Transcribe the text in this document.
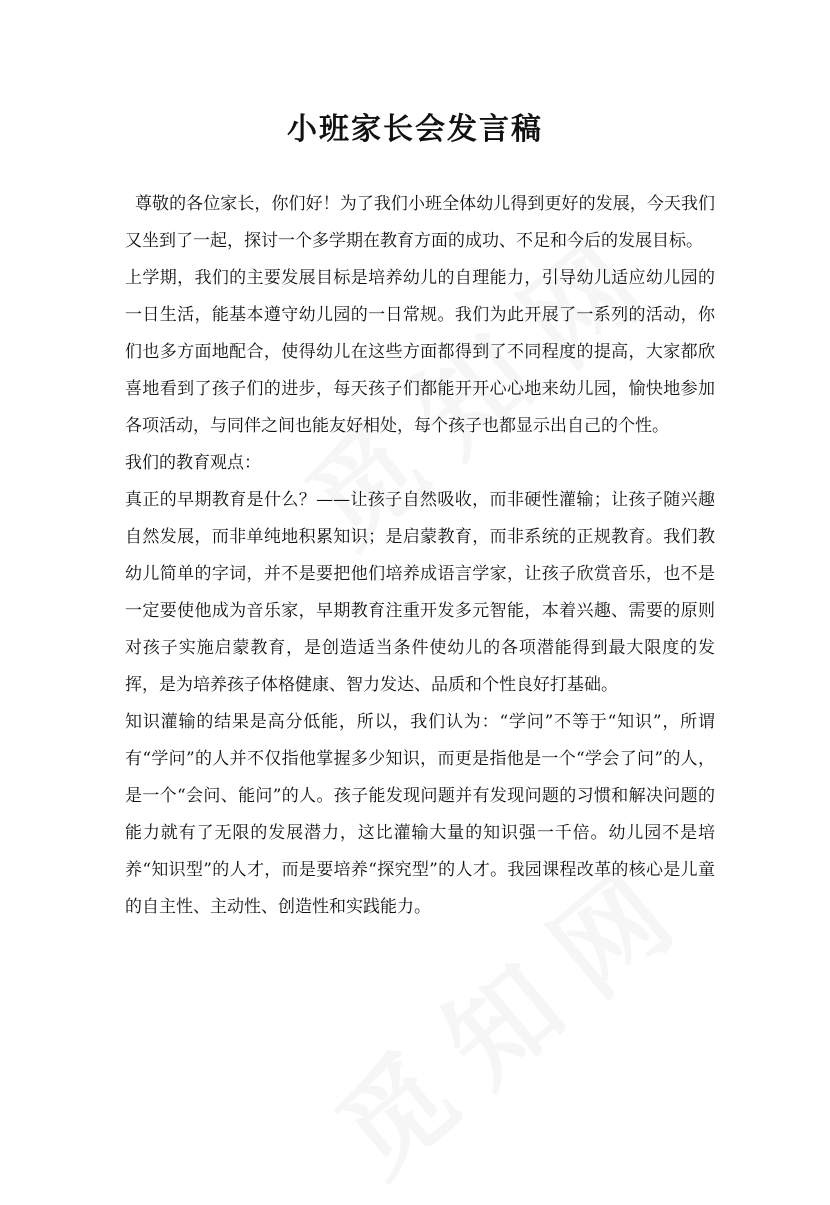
小班家长会发言稿

尊敬的各位家长，你们好！为了我们小班全体幼儿得到更好的发展，今天我们又坐到了一起，探讨一个多学期在教育方面的成功、不足和今后的发展目标。

上学期，我们的主要发展目标是培养幼儿的自理能力，引导幼儿适应幼儿园的一日生活，能基本遵守幼儿园的一日常规。我们为此开展了一系列的活动，你们也多方面地配合，使得幼儿在这些方面都得到了不同程度的提高，大家都欣喜地看到了孩子们的进步，每天孩子们都能开开心心地来幼儿园，愉快地参加各项活动，与同伴之间也能友好相处，每个孩子也都显示出自己的个性。

我们的教育观点：

真正的早期教育是什么？——让孩子自然吸收，而非硬性灌输；让孩子随兴趣自然发展，而非单纯地积累知识；是启蒙教育，而非系统的正规教育。我们教幼儿简单的字词，并不是要把他们培养成语言学家，让孩子欣赏音乐，也不是一定要使他成为音乐家，早期教育注重开发多元智能，本着兴趣、需要的原则对孩子实施启蒙教育，是创造适当条件使幼儿的各项潜能得到最大限度的发挥，是为培养孩子体格健康、智力发达、品质和个性良好打基础。

知识灌输的结果是高分低能，所以，我们认为：“学问”不等于“知识”，所谓有“学问”的人并不仅指他掌握多少知识，而更是指他是一个“学会了问”的人，是一个“会问、能问”的人。孩子能发现问题并有发现问题的习惯和解决问题的能力就有了无限的发展潜力，这比灌输大量的知识强一千倍。幼儿园不是培养“知识型”的人才，而是要培养“探究型”的人才。我园课程改革的核心是儿童的自主性、主动性、创造性和实践能力。
